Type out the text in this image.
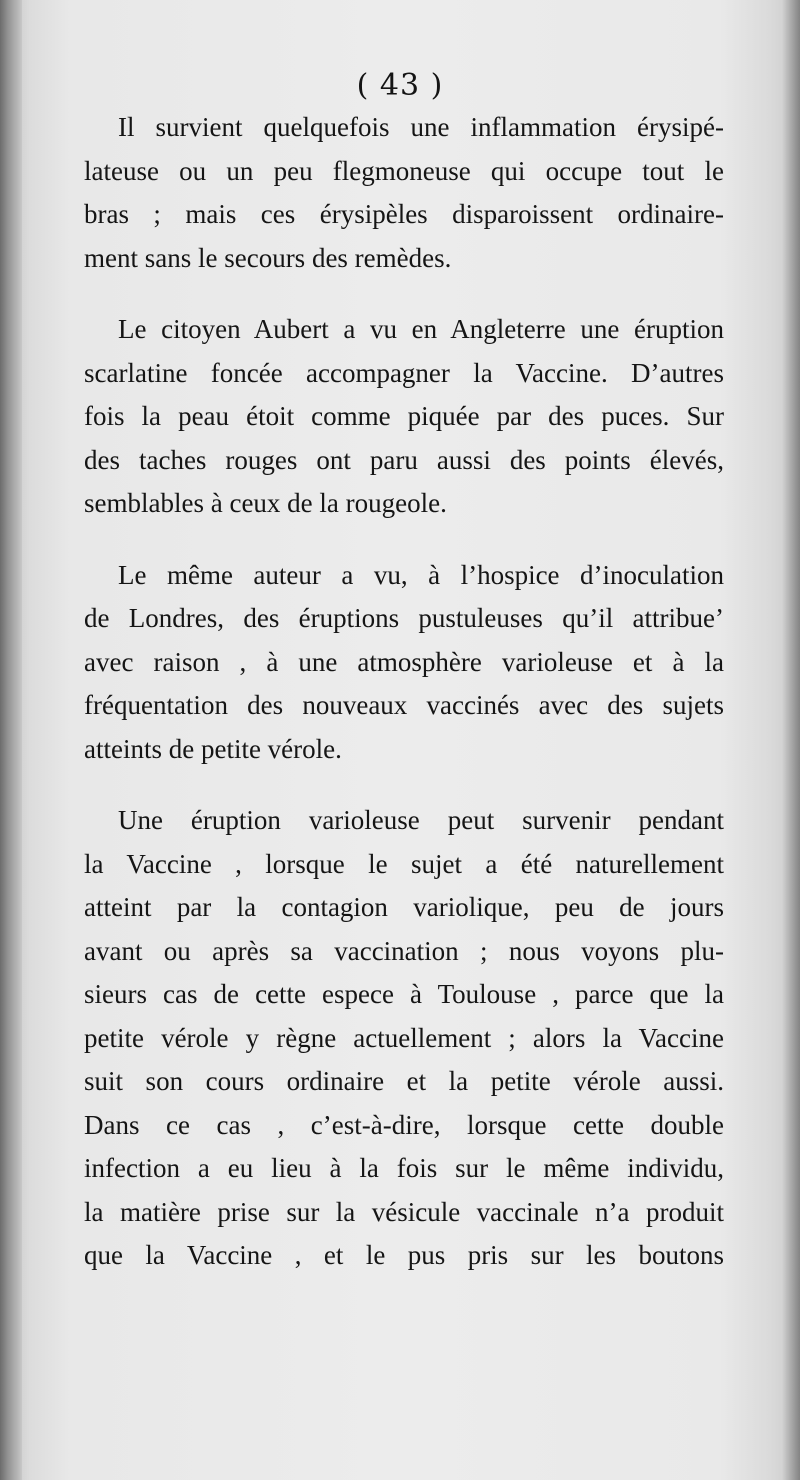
( 43 )

Il survient quelquefois une inflammation érysipé-
lateuse ou un peu flegmoneuse qui occupe tout le
bras ; mais ces érysipèles disparoissent ordinaire-
ment sans le secours des remèdes.

Le citoyen Aubert a vu en Angleterre une éruption
scarlatine foncée accompagner la Vaccine. D’autres
fois la peau étoit comme piquée par des puces. Sur
des taches rouges ont paru aussi des points élevés,
semblables à ceux de la rougeole.

Le même auteur a vu, à l’hospice d’inoculation
de Londres, des éruptions pustuleuses qu’il attribue’
avec raison , à une atmosphère varioleuse et à la
fréquentation des nouveaux vaccinés avec des sujets
atteints de petite vérole.

Une éruption varioleuse peut survenir pendant
la Vaccine , lorsque le sujet a été naturellement
atteint par la contagion variolique, peu de jours
avant ou après sa vaccination ; nous voyons plu-
sieurs cas de cette espece à Toulouse , parce que la
petite vérole y règne actuellement ; alors la Vaccine
suit son cours ordinaire et la petite vérole aussi.
Dans ce cas , c’est-à-dire, lorsque cette double
infection a eu lieu à la fois sur le même individu,
la matière prise sur la vésicule vaccinale n’a produit
que la Vaccine , et le pus pris sur les boutons
